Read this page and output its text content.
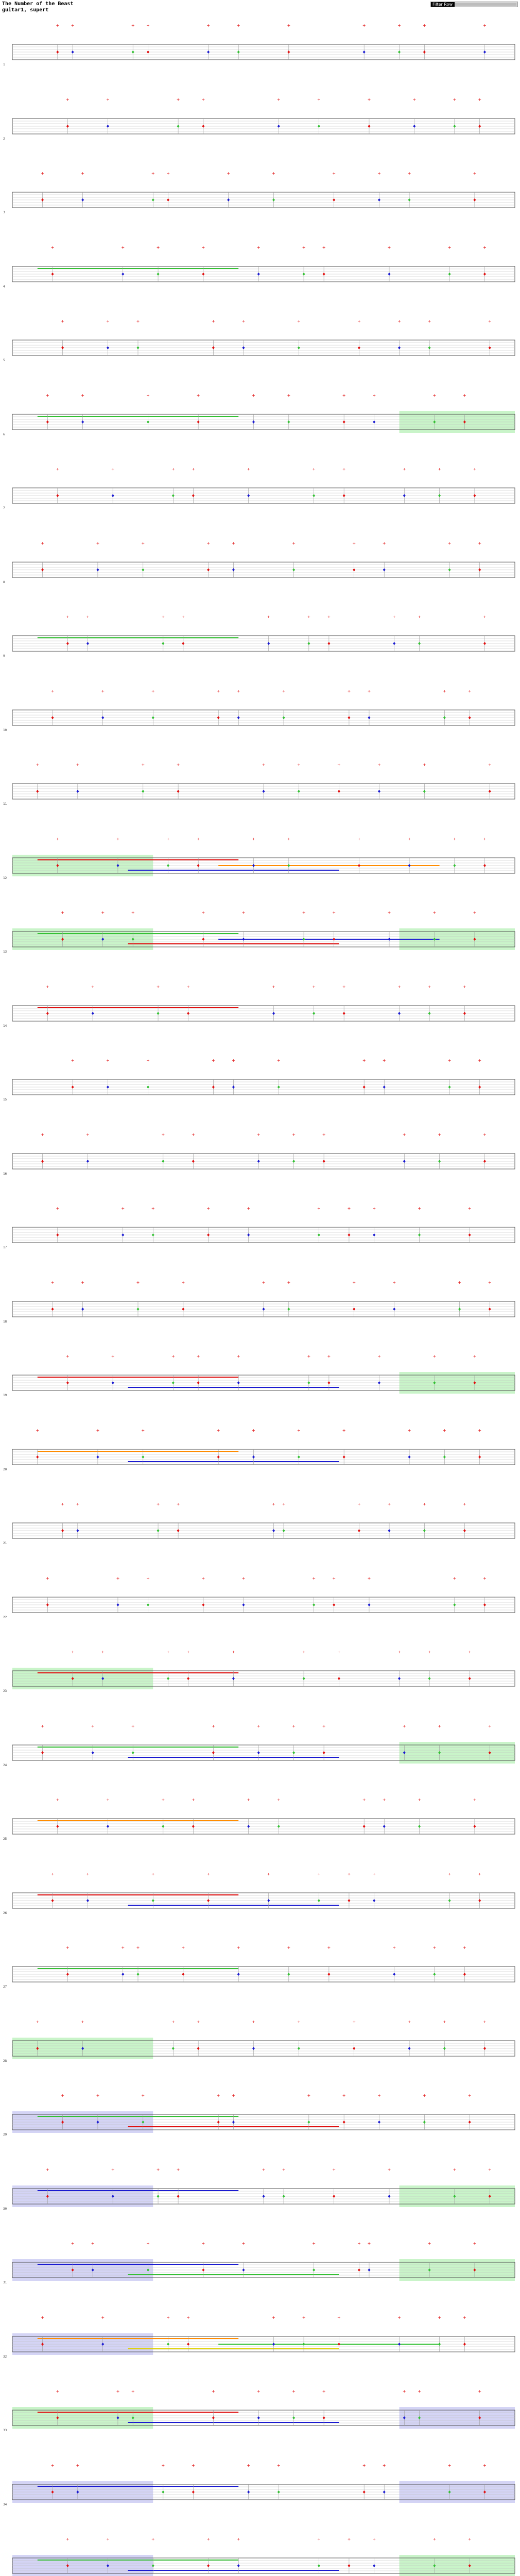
The Number of the Beast
guitar1, supert
Filter Row
+	+	+	+	+	+	+	+	+	+	+
1
+	+	+	+	+	+	+	+	+	+
2
+	+	+	+	+	+	+	+	+	+
3
+	+	+	+	+	+	+	+	+	+
4
+	+	+	+	+	+	+	+	+	+
5
+	+	+	+	+	+	+	+	+	+
6
+	+	+	+	+	+	+	+	+	+
7
+	+	+	+	+	+	+	+	+	+
8
+	+	+	+	+	+	+	+	+	+
9
+	+	+	+	+	+	+	+	+	+
10
+	+	+	+	+	+	+	+	+	+
11
+	+	+	+	+	+	+	+	+	+
12
+	+	+	+	+	+	+	+	+	+
13
+	+	+	+	+	+	+	+	+	+
14
+	+	+	+	+	+	+	+	+	+
15
+	+	+	+	+	+	+	+	+	+
16
+	+	+	+	+	+	+	+	+	+
17
+	+	+	+	+	+	+	+	+	+
18
+	+	+	+	+	+	+	+	+	+
19
+	+	+	+	+	+	+	+	+	+
20
+	+	+	+	+ +	+	+	+	+
21
+	+	+	+	+	+	+	+	+	+
22
+	+	+	+	+	+	+	+	+	+
23
+	+	+	+	+	+	+	+	+	+
24
+	+	+	+	+	+	+	+	+	+
25
+	+	+	+	+	+	+	+	+	+
26
+	+	+	+	+	+	+	+	+	+
27
+	+	+	+	+	+	+	+	+	+
28
+	+	+	+	+	+	+	+	+	+
29
+	+	+	+	+	+	+	+	+	+
30
+	+	+	+	+	+	+ +	+	+
31
+	+	+	+	+	+	+	+	+	+
32
+	+	+	+	+	+	+	+	+	+
33
+	+	+	+	+	+	+	+	+	+
34
+	+	+	+	+	+	+	+	+	+
